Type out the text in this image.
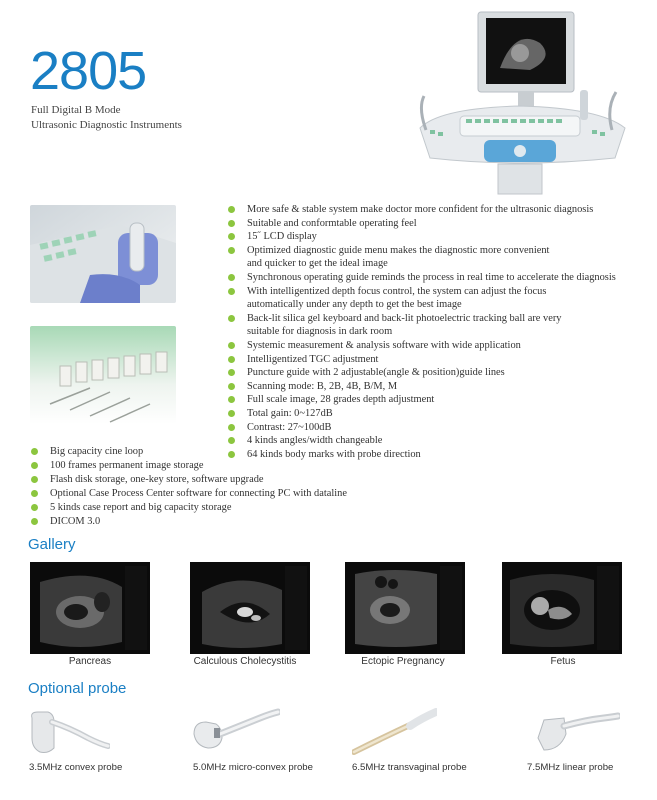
2805
Full Digital B Mode
Ultrasonic Diagnostic Instruments
More safe & stable system make doctor more confident for the ultrasonic diagnosis
Suitable and conformtable operating feel
15˝ LCD display
Optimized diagnostic guide menu makes the diagnostic more convenient
and quicker to get the ideal image
Synchronous operating guide reminds the process in real time to accelerate the diagnosis
With intelligentized depth focus control, the system can adjust the focus
automatically under any depth to get the best image
Back-lit silica gel keyboard and back-lit photoelectric tracking ball are very
suitable for diagnosis in dark room
Systemic measurement & analysis software with wide application
Intelligentized TGC adjustment
Puncture guide with 2 adjustable(angle & position)guide lines
Scanning mode: B, 2B, 4B, B/M, M
Full scale image, 28 grades depth adjustment
Total gain: 0~127dB
Contrast: 27~100dB
4 kinds angles/width changeable
64 kinds body marks with probe direction
Big capacity cine loop
100 frames permanent image storage
Flash disk storage, one-key store, software upgrade
Optional Case Process Center software for connecting PC with dataline
5 kinds case report and big capacity storage
DICOM 3.0
Gallery
Pancreas	Calculous Cholecystitis	Ectopic Pregnancy	Fetus
Optional probe
3.5MHz convex probe	5.0MHz micro-convex probe	6.5MHz transvaginal probe	7.5MHz linear probe
